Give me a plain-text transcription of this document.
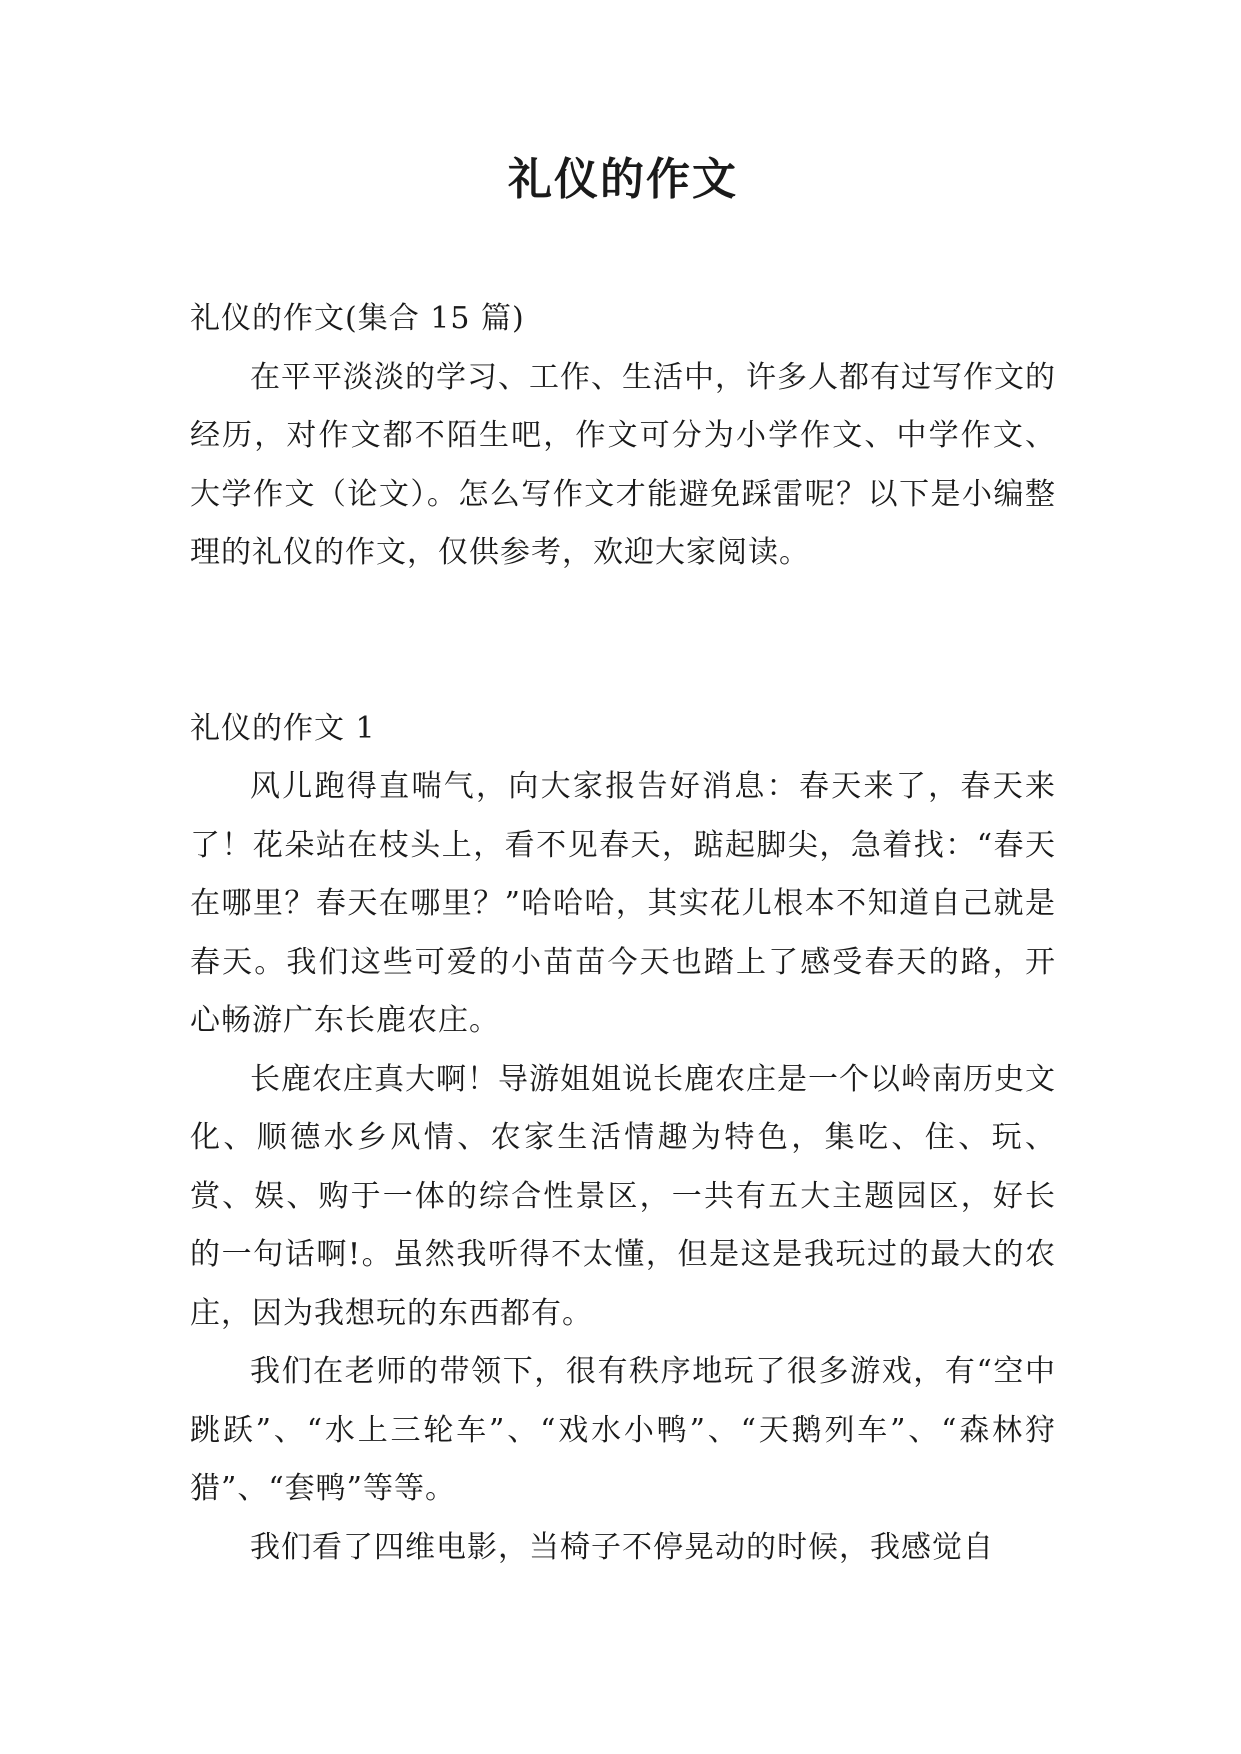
礼仪的作文

礼仪的作文(集合 15 篇)

在平平淡淡的学习、工作、生活中，许多人都有过写作文的经历，对作文都不陌生吧，作文可分为小学作文、中学作文、大学作文（论文）。怎么写作文才能避免踩雷呢？以下是小编整理的礼仪的作文，仅供参考，欢迎大家阅读。

礼仪的作文 1

风儿跑得直喘气，向大家报告好消息：春天来了，春天来了！花朵站在枝头上，看不见春天，踮起脚尖，急着找：“春天在哪里？春天在哪里？”哈哈哈，其实花儿根本不知道自己就是春天。我们这些可爱的小苗苗今天也踏上了感受春天的路，开心畅游广东长鹿农庄。

长鹿农庄真大啊！导游姐姐说长鹿农庄是一个以岭南历史文化、顺德水乡风情、农家生活情趣为特色，集吃、住、玩、赏、娱、购于一体的综合性景区，一共有五大主题园区，好长的一句话啊!。虽然我听得不太懂，但是这是我玩过的最大的农庄，因为我想玩的东西都有。

我们在老师的带领下，很有秩序地玩了很多游戏，有“空中跳跃”、“水上三轮车”、“戏水小鸭”、“天鹅列车”、“森林狩猎”、“套鸭”等等。

我们看了四维电影，当椅子不停晃动的时候，我感觉自
